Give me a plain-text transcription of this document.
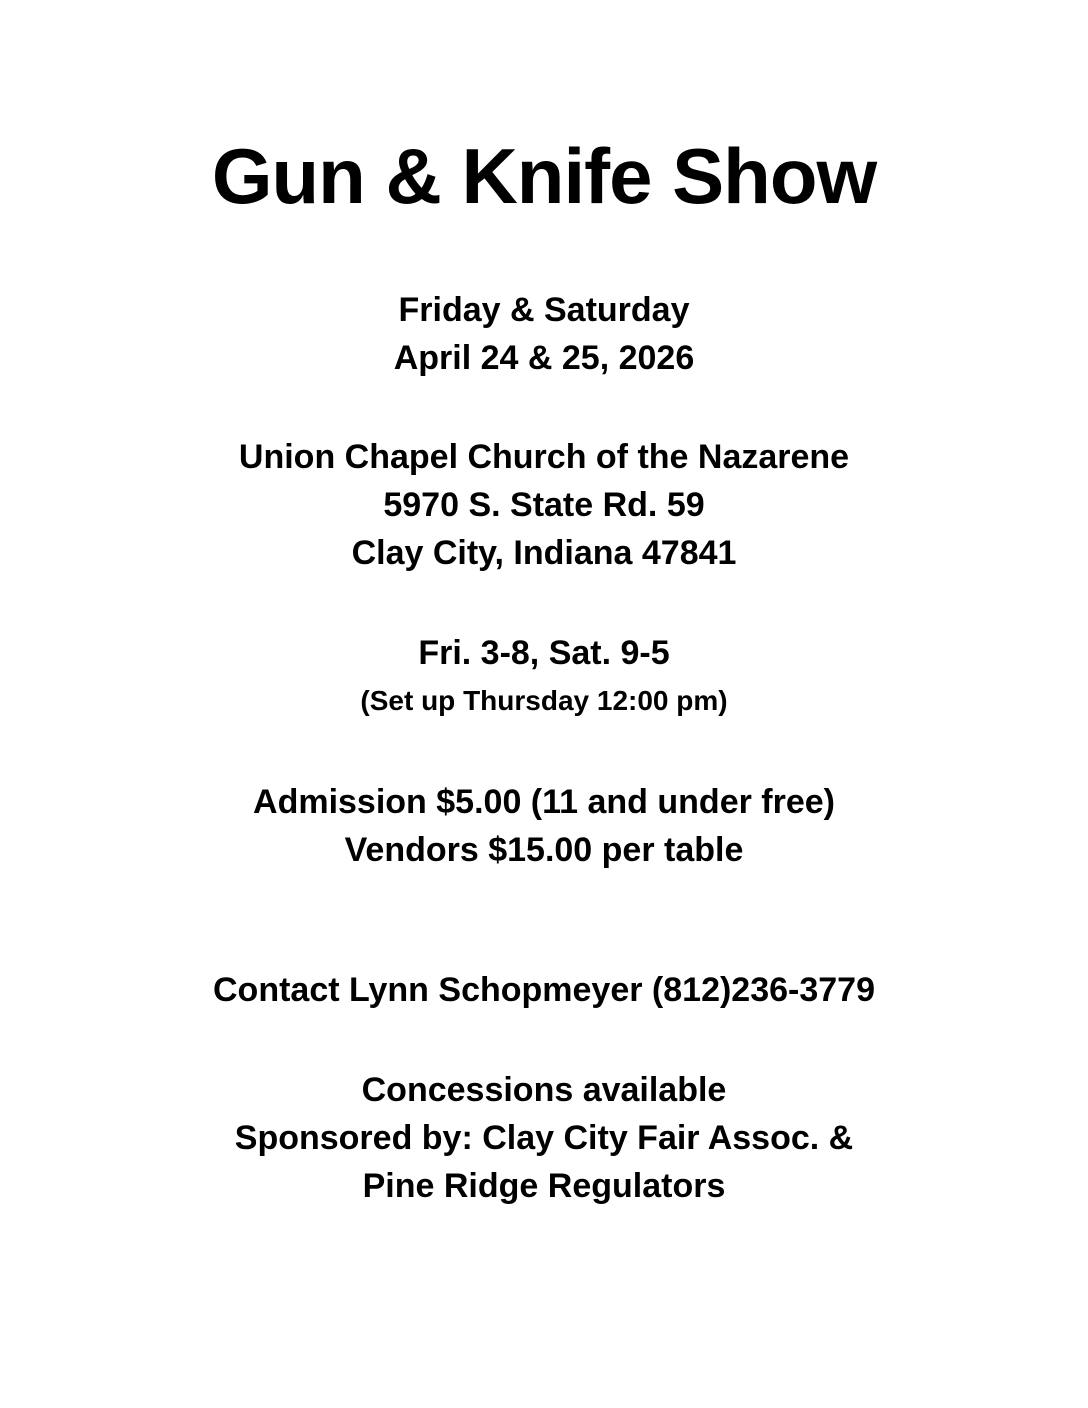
Gun & Knife Show
Friday & Saturday
April 24 & 25, 2026
Union Chapel Church of the Nazarene
5970 S. State Rd. 59
Clay City, Indiana 47841
Fri. 3-8, Sat. 9-5
(Set up Thursday 12:00 pm)
Admission $5.00 (11 and under free)
Vendors $15.00 per table
Contact Lynn Schopmeyer (812)236-3779
Concessions available
Sponsored by: Clay City Fair Assoc. &
Pine Ridge Regulators
